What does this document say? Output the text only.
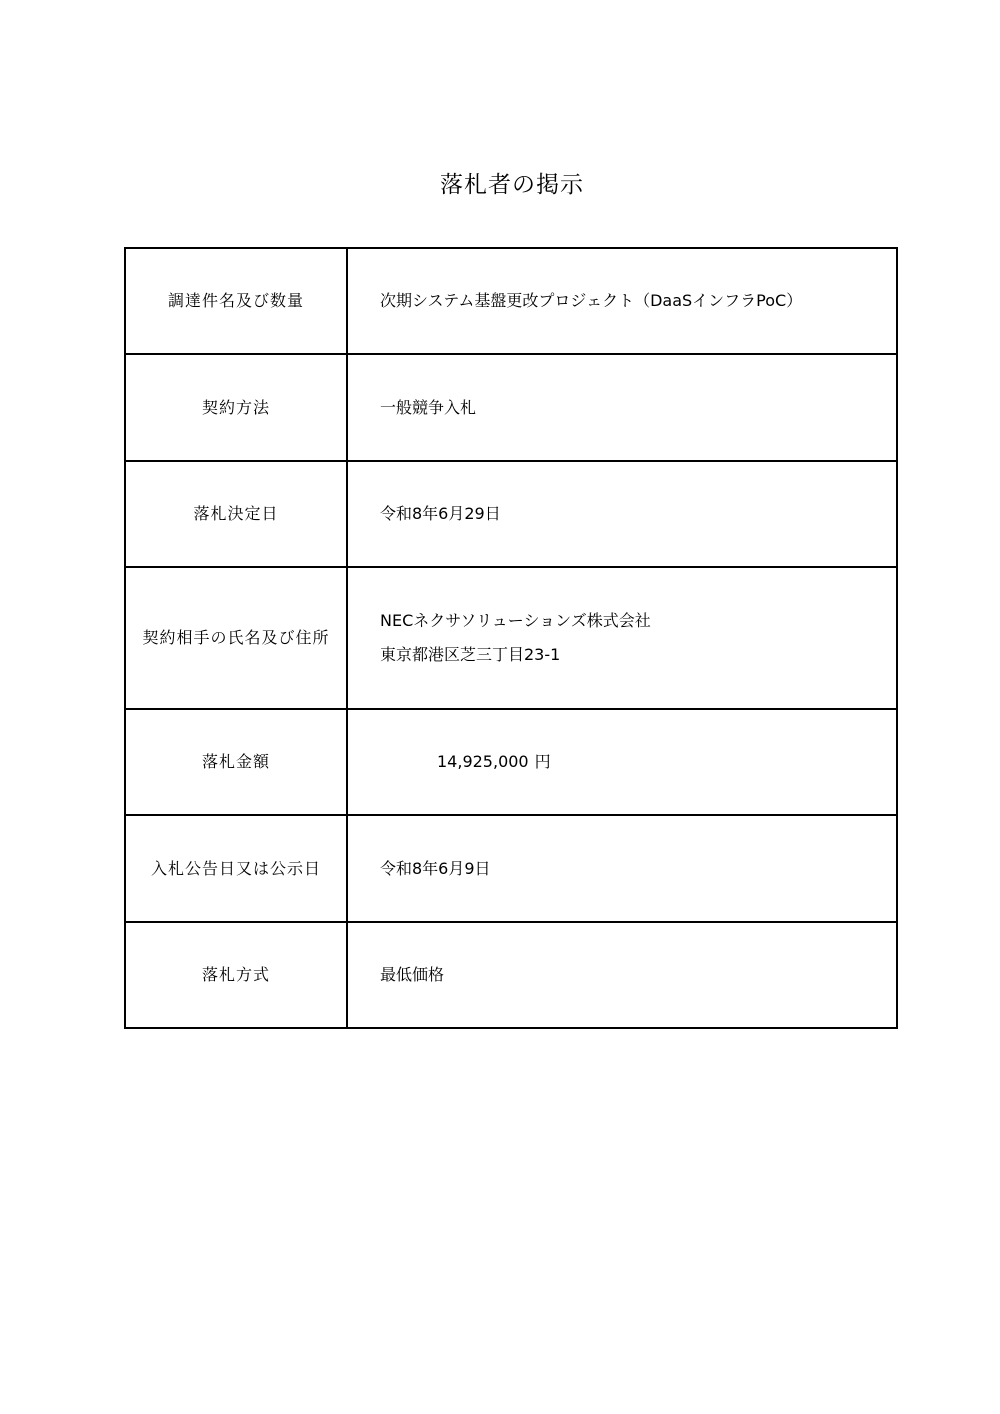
落札者の掲示
調達件名及び数量	次期システム基盤更改プロジェクト（DaaSインフラPoC）
契約方法	一般競争入札
落札決定日	令和8年6月29日
契約相手の氏名及び住所	NECネクサソリューションズ株式会社
東京都港区芝三丁目23-1

落札金額	14,925,000 円
入札公告日又は公示日	令和8年6月9日
落札方式	最低価格
